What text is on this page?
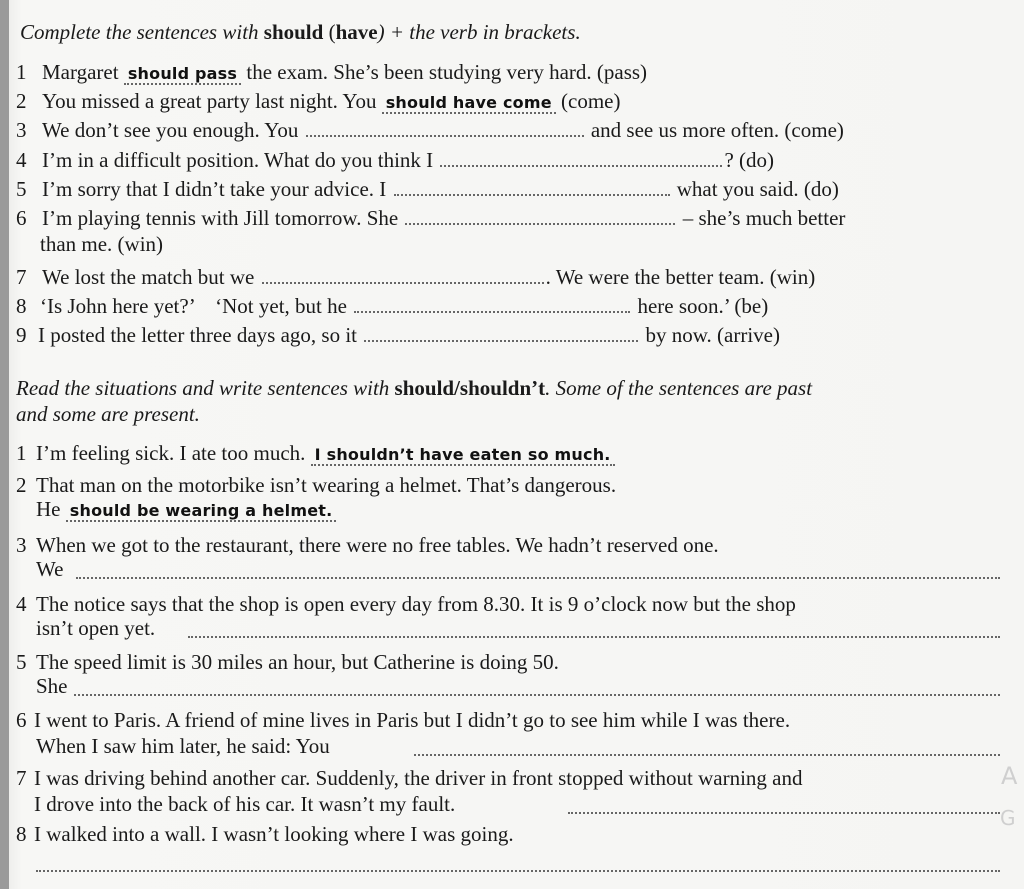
Complete the sentences with should (have) + the verb in brackets.
1 Margaret should pass the exam. She’s been studying very hard. (pass)
2 You missed a great party last night. You should have come (come)
3 We don’t see you enough. You	and see us more often. (come)
4 I’m in a difficult position. What do you think I	? (do)
5 I’m sorry that I didn’t take your advice. I	what you said. (do)
6 I’m playing tennis with Jill tomorrow. She	– she’s much better
than me. (win)
7 We lost the match but we	. We were the better team. (win)
8 ‘Is John here yet?’    ‘Not yet, but he	here soon.’ (be)
9 I posted the letter three days ago, so it	by now. (arrive)
Read the situations and write sentences with should/shouldn’t. Some of the sentences are past
and some are present.
1 I’m feeling sick. I ate too much. I shouldn’t have eaten so much.
2 That man on the motorbike isn’t wearing a helmet. That’s dangerous.
He should be wearing a helmet.
3 When we got to the restaurant, there were no free tables. We hadn’t reserved one.
We
4 The notice says that the shop is open every day from 8.30. It is 9 o’clock now but the shop
isn’t open yet.
5 The speed limit is 30 miles an hour, but Catherine is doing 50.
She
6 I went to Paris. A friend of mine lives in Paris but I didn’t go to see him while I was there.
When I saw him later, he said: You
7 I was driving behind another car. Suddenly, the driver in front stopped without warning and
I drove into the back of his car. It wasn’t my fault.
8 I walked into a wall. I wasn’t looking where I was going.
A
G
